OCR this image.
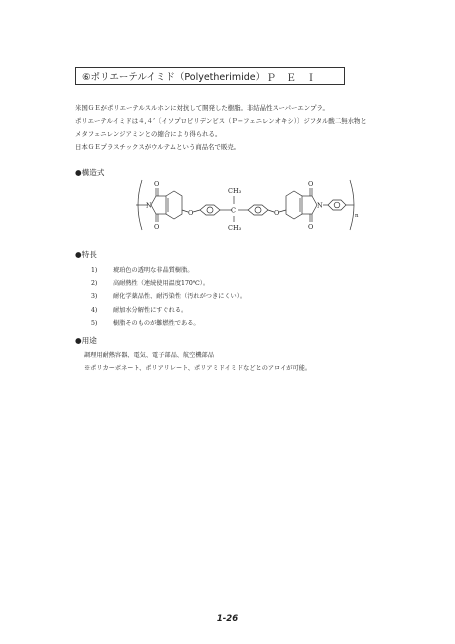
⑥ポリエーテルイミド（Polyetherimide） ＰＥＩ
米国ＧＥがポリエーテルスルホンに対抗して開発した樹脂。非結晶性スーパーエンプラ。
ポリエーテルイミドは４,４’〔イソプロピリデンビス（Ｐ−フェニレンオキシ）〕ジフタル酸二無水物と
メタフェニレンジアミンとの縮合により得られる。
日本ＧＥプラスチックスがウルテムという商品名で販売。
●構造式
N
O
O
O
CH₃
C
CH₃
O
O
O
N
n
●特長
1)	琥珀色の透明な非晶質樹脂。
2)	高耐熱性（連続使用温度170℃）。
3)	耐化学薬品性、耐汚染性（汚れがつきにくい）。
4)	耐加水分解性にすぐれる。
5)	樹脂そのものが難燃性である。
●用途
調理用耐熱容器、電気、電子部品、航空機部品
※ポリカーボネート、ポリアリレート、ポリアミドイミドなどとのアロイが可能。
1-26
